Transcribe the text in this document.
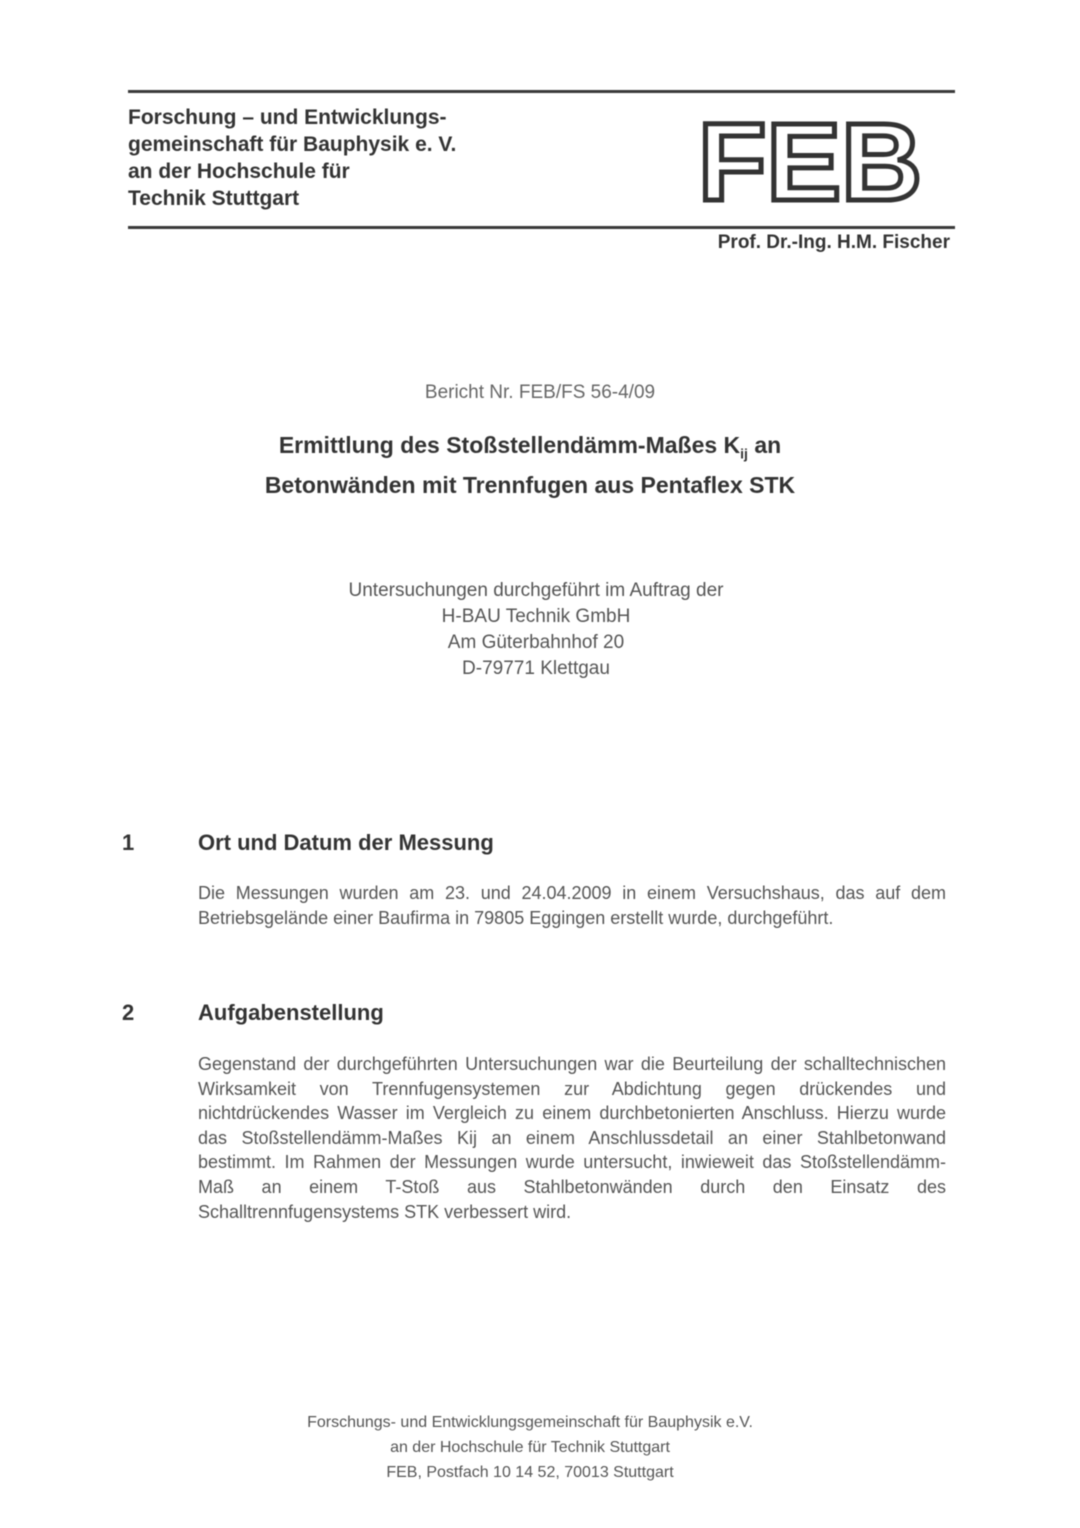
Forschung – und Entwicklungs-
gemeinschaft für Bauphysik e. V.
an der Hochschule für
Technik Stuttgart	FEB
Prof. Dr.-Ing. H.M. Fischer
Bericht Nr. FEB/FS 56-4/09
Ermittlung des Stoßstellendämm-Maßes $K_{ij}$ an
Betonwänden mit Trennfugen aus Pentaflex STK
Untersuchungen durchgeführt im Auftrag der
H-BAU Technik GmbH
Am Güterbahnhof 20
D-79771 Klettgau
1	Ort und Datum der Messung
Die Messungen wurden am 23. und 24.04.2009 in einem Versuchshaus, das auf dem Betriebsgelände einer Baufirma in 79805 Eggingen erstellt wurde, durchgeführt.
2	Aufgabenstellung
Gegenstand der durchgeführten Untersuchungen war die Beurteilung der schalltechnischen Wirksamkeit von Trennfugensystemen zur Abdichtung gegen drückendes und nichtdrückendes Wasser im Vergleich zu einem durchbetonierten Anschluss. Hierzu wurde das Stoßstellendämm-Maßes Kij an einem Anschlussdetail an einer Stahlbetonwand bestimmt. Im Rahmen der Messungen wurde untersucht, inwieweit das Stoßstellendämm-Maß an einem T-Stoß aus Stahlbetonwänden durch den Einsatz des Schalltrennfugensystems STK verbessert wird.
Forschungs- und Entwicklungsgemeinschaft für Bauphysik e.V.
an der Hochschule für Technik Stuttgart
FEB, Postfach 10 14 52, 70013 Stuttgart
